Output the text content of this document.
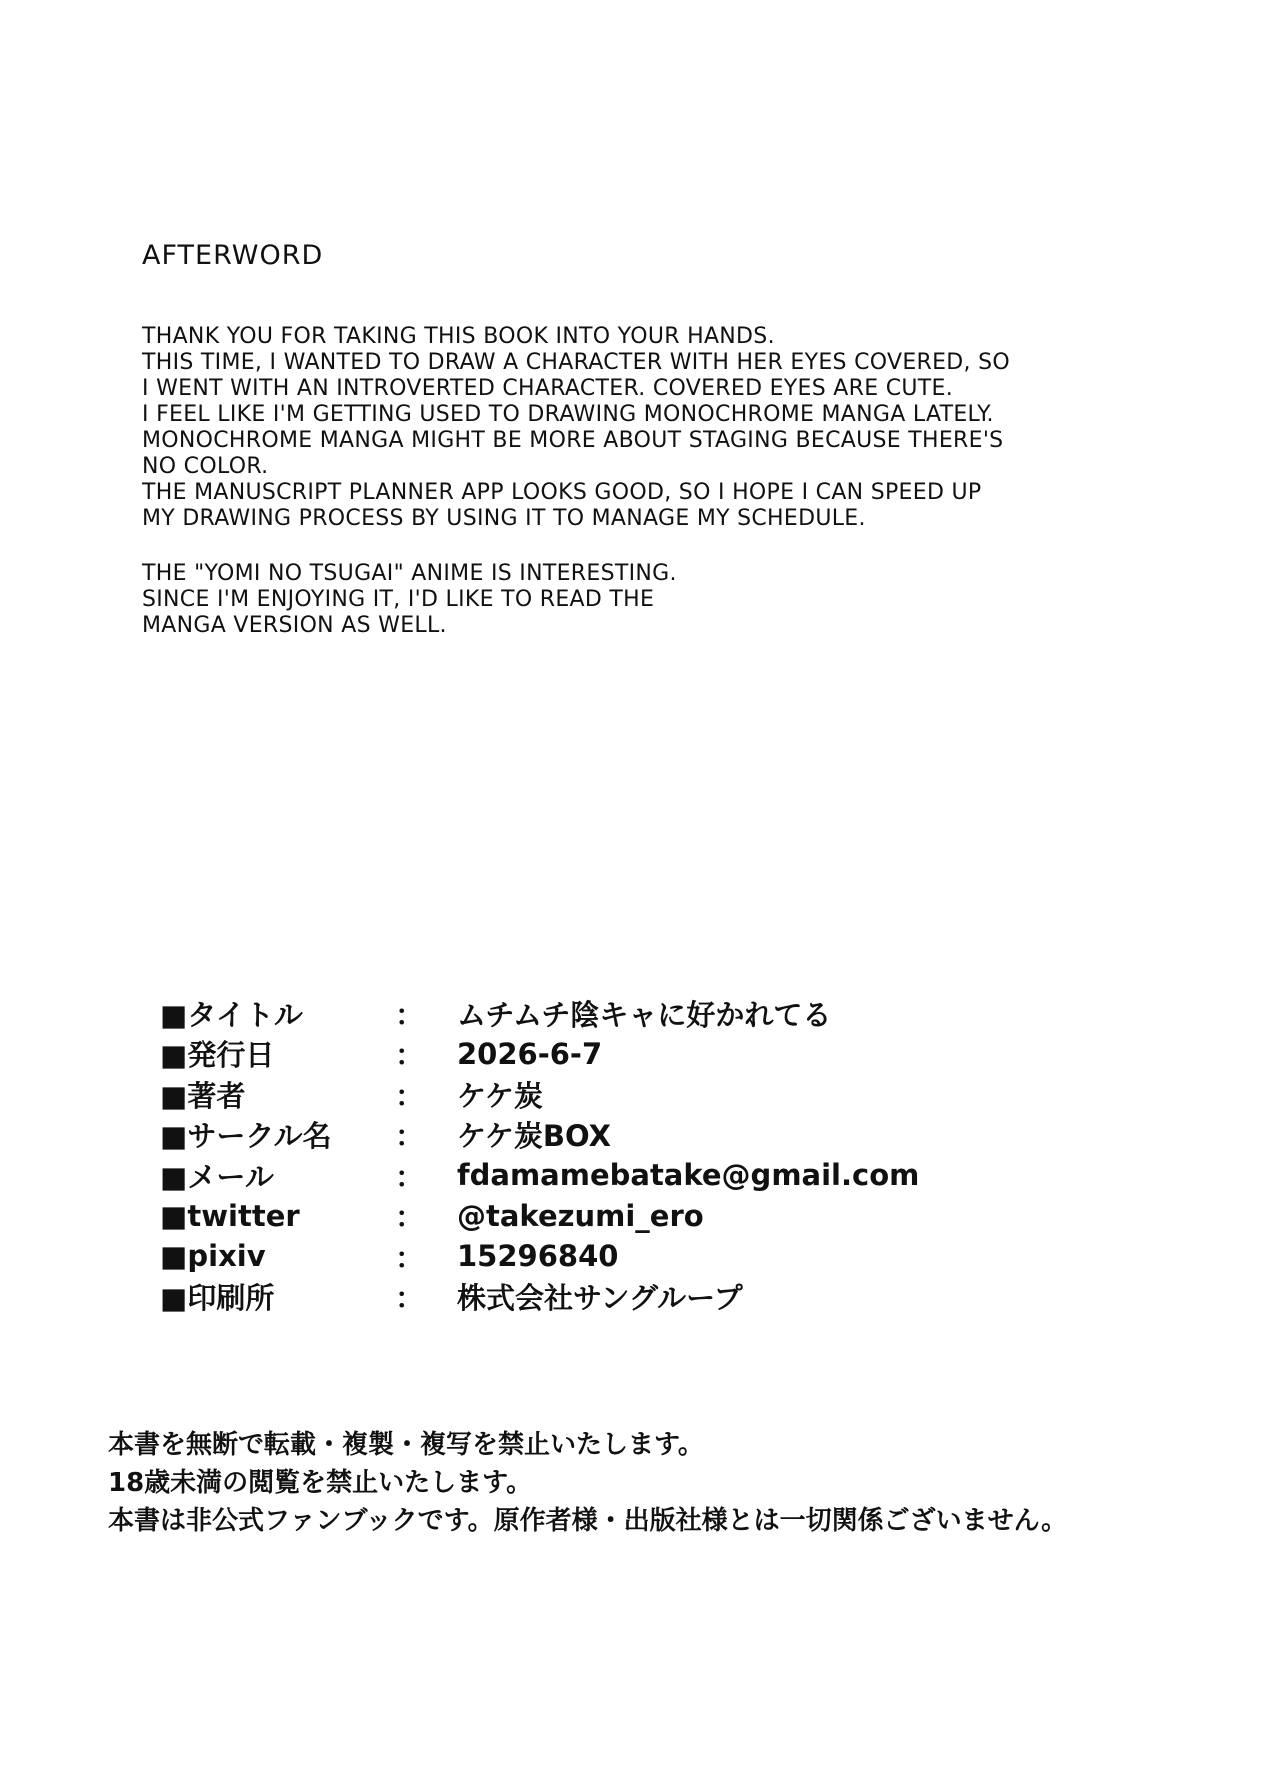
AFTERWORD
THANK YOU FOR TAKING THIS BOOK INTO YOUR HANDS.
THIS TIME, I WANTED TO DRAW A CHARACTER WITH HER EYES COVERED, SO
I WENT WITH AN INTROVERTED CHARACTER. COVERED EYES ARE CUTE.
I FEEL LIKE I'M GETTING USED TO DRAWING MONOCHROME MANGA LATELY.
MONOCHROME MANGA MIGHT BE MORE ABOUT STAGING BECAUSE THERE'S
NO COLOR.
THE MANUSCRIPT PLANNER APP LOOKS GOOD, SO I HOPE I CAN SPEED UP
MY DRAWING PROCESS BY USING IT TO MANAGE MY SCHEDULE.
THE "YOMI NO TSUGAI" ANIME IS INTERESTING.
SINCE I'M ENJOYING IT, I'D LIKE TO READ THE
MANGA VERSION AS WELL.
■タイトル	：	ムチムチ陰キャに好かれてる
■発行日	：	2026-6-7
■著者	：	ケケ炭
■サークル名	：	ケケ炭BOX
■メール	：	fdamamebatake@gmail.com
■twitter	：	@takezumi_ero
■pixiv	：	15296840
■印刷所	：	株式会社サングループ
本書を無断で転載・複製・複写を禁止いたします。
18歳未満の閲覧を禁止いたします。
本書は非公式ファンブックです。原作者様・出版社様とは一切関係ございません。
